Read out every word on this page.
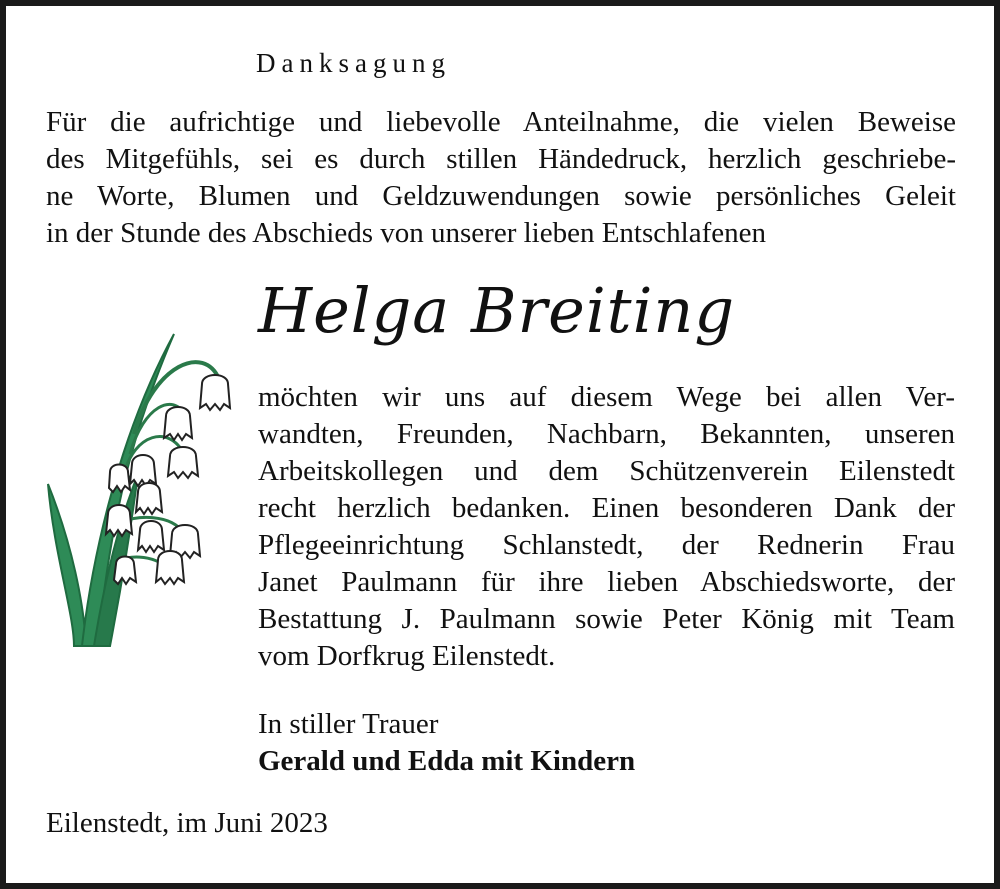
Danksagung
Für die aufrichtige und liebevolle Anteilnahme, die vielen Beweise
des Mitgefühls, sei es durch stillen Händedruck, herzlich geschriebe-
ne Worte, Blumen und Geldzuwendungen sowie persönliches Geleit
in der Stunde des Abschieds von unserer lieben Entschlafenen
Helga Breiting
möchten wir uns auf diesem Wege bei allen Ver-
wandten, Freunden, Nachbarn, Bekannten, unseren
Arbeitskollegen und dem Schützenverein Eilenstedt
recht herzlich bedanken. Einen besonderen Dank der
Pflegeeinrichtung Schlanstedt, der Rednerin Frau
Janet Paulmann für ihre lieben Abschiedsworte, der
Bestattung J. Paulmann sowie Peter König mit Team
vom Dorfkrug Eilenstedt.
In stiller Trauer
Gerald und Edda mit Kindern
Eilenstedt, im Juni 2023
